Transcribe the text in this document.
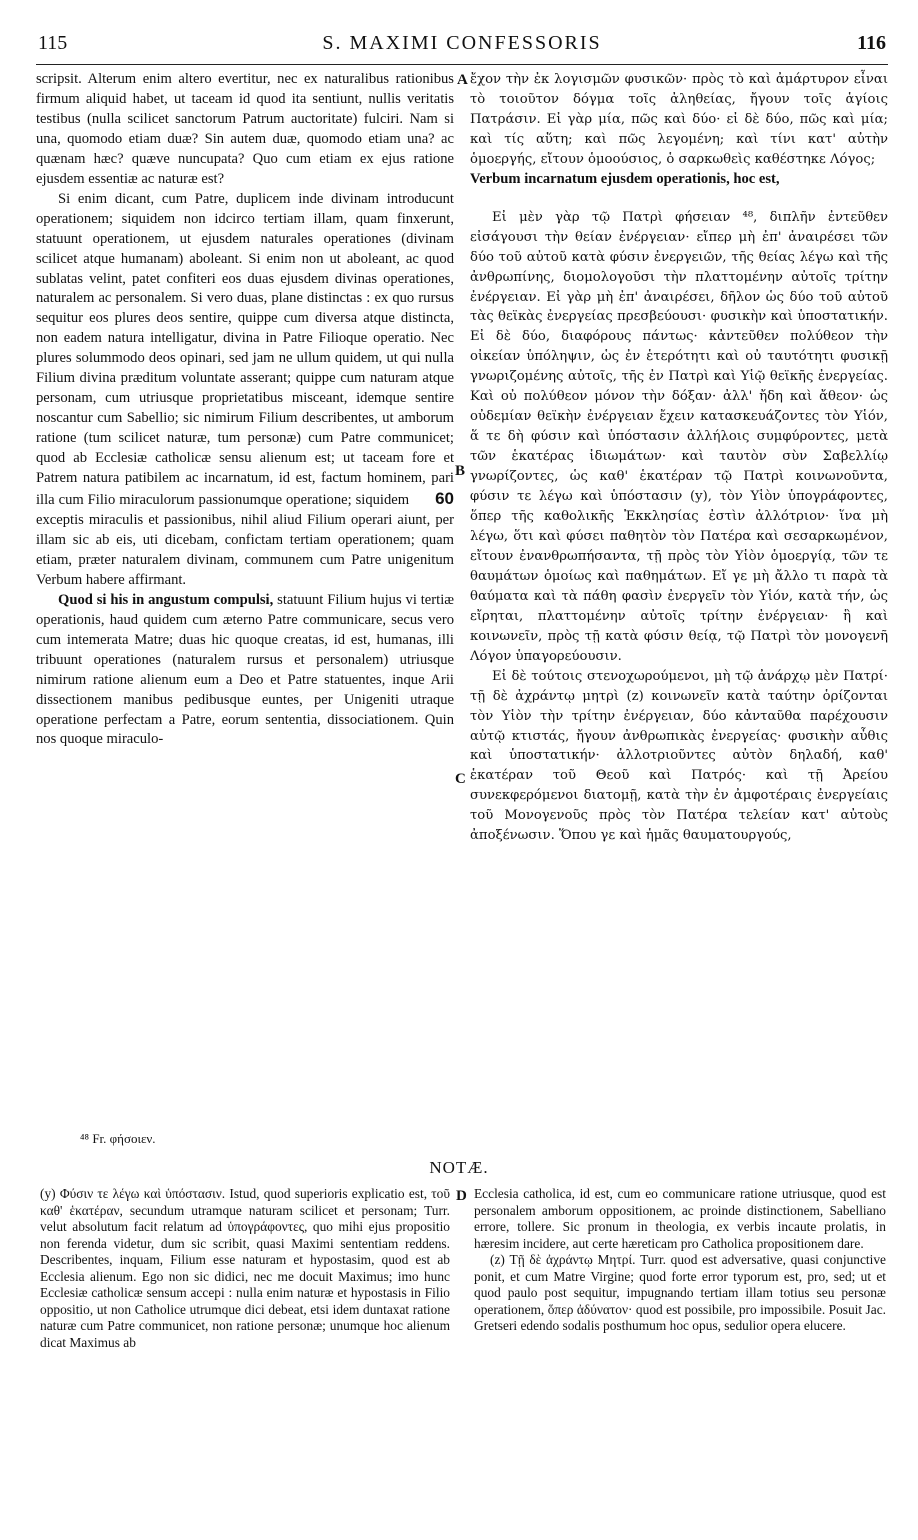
115	S. MAXIMI CONFESSORIS	116
A
B
C
D

scripsit. Alterum enim altero evertitur, nec ex naturalibus rationibus firmum aliquid habet, ut taceam id quod ita sentiunt, nullis veritatis testibus (nulla scilicet sanctorum Patrum auctoritate) fulciri. Nam si una, quomodo etiam duæ? Sin autem duæ, quomodo etiam una? ac quænam hæc? quæve nuncupata? Quo cum etiam ex ejus ratione ejusdem essentiæ ac naturæ est?

Si enim dicant, cum Patre, duplicem inde divinam introducunt operationem; siquidem non idcirco tertiam illam, quam finxerunt, statuunt operationem, ut ejusdem naturales operationes (divinam scilicet atque humanam) aboleant. Si enim non ut aboleant, ac quod sublatas velint, patet confiteri eos duas ejusdem divinas operationes, naturalem ac personalem. Si vero duas, plane distinctas : ex quo rursus sequitur eos plures deos sentire, quippe cum diversa atque distincta, non eadem natura intelligatur, divina in Patre Filioque operatio. Nec plures solummodo deos opinari, sed jam ne ullum quidem, ut qui nulla Filium divina præditum voluntate asserant; quippe cum naturam atque personam, cum utriusque proprietatibus misceant, idemque sentire noscantur cum Sabellio; sic nimirum Filium describentes, ut amborum ratione (tum scilicet naturæ, tum personæ) cum Patre communicet; quod ab Ecclesiæ catholicæ sensu alienum est; ut taceam fore et Patrem natura patibilem ac incarnatum, id est, factum hominem, pari illa cum Filio miraculorum passionumque operatione; siquidem 60 exceptis miraculis et passionibus, nihil aliud Filium operari aiunt, per illam sic ab eis, uti dicebam, confictam tertiam operationem; quam etiam, præter naturalem divinam, communem cum Patre unigenitum Verbum habere affirmant.

Quod si his in angustum compulsi, statuunt Filium hujus vi tertiæ operationis, haud quidem cum æterno Patre communicare, secus vero cum intemerata Matre; duas hic quoque creatas, id est, humanas, illi tribuunt operationes (naturalem rursus et personalem) utriusque nimirum ratione alienum eum a Deo et Patre statuentes, inque Arii dissectionem manibus pedibusque euntes, per Unigeniti utraque operatione perfectam a Patre, eorum sententia, dissociationem. Quin nos quoque miraculo-

ἔχον τὴν ἐκ λογισμῶν φυσικῶν· πρὸς τὸ καὶ ἀμάρτυρον εἶναι τὸ τοιοῦτον δόγμα τοῖς ἀληθείας, ἤγουν τοῖς ἁγίοις Πατράσιν. Εἰ γὰρ μία, πῶς καὶ δύο· εἰ δὲ δύο, πῶς καὶ μία; καὶ τίς αὕτη; καὶ πῶς λεγομένη; καὶ τίνι κατ' αὐτὴν ὁμοεργής, εἴτουν ὁμοούσιος, ὁ σαρκωθεὶς καθέστηκε Λόγος;

Verbum incarnatum ejusdem operationis, hoc est,

Εἰ μὲν γὰρ τῷ Πατρὶ φήσειαν ⁴⁸, διπλῆν ἐντεῦθεν εἰσάγουσι τὴν θείαν ἐνέργειαν· εἴπερ μὴ ἐπ' ἀναιρέσει τῶν δύο τοῦ αὐτοῦ κατὰ φύσιν ἐνεργειῶν, τῆς θείας λέγω καὶ τῆς ἀνθρωπίνης, διομολογοῦσι τὴν πλαττομένην αὐτοῖς τρίτην ἐνέργειαν. Εἰ γὰρ μὴ ἐπ' ἀναιρέσει, δῆλον ὡς δύο τοῦ αὐτοῦ τὰς θεϊκὰς ἐνεργείας πρεσβεύουσι· φυσικὴν καὶ ὑποστατικήν. Εἰ δὲ δύο, διαφόρους πάντως· κἀντεῦθεν πολύθεον τὴν οἰκείαν ὑπόληψιν, ὡς ἐν ἑτερότητι καὶ οὐ ταυτότητι φυσικῇ γνωριζομένης αὐτοῖς, τῆς ἐν Πατρὶ καὶ Υἱῷ θεϊκῆς ἐνεργείας. Καὶ οὐ πολύθεον μόνον τὴν δόξαν· ἀλλ' ἤδη καὶ ἄθεον· ὡς οὐδεμίαν θεϊκὴν ἐνέργειαν ἔχειν κατασκευάζοντες τὸν Υἱόν, ἅ τε δὴ φύσιν καὶ ὑπόστασιν ἀλλήλοις συμφύροντες, μετὰ τῶν ἑκατέρας ἰδιωμάτων· καὶ ταυτὸν σὺν Σαβελλίῳ γνωρίζοντες, ὡς καθ' ἑκατέραν τῷ Πατρὶ κοινωνοῦντα, φύσιν τε λέγω καὶ ὑπόστασιν (y), τὸν Υἱὸν ὑπογράφοντες, ὅπερ τῆς καθολικῆς Ἐκκλησίας ἐστὶν ἀλλότριον· ἵνα μὴ λέγω, ὅτι καὶ φύσει παθητὸν τὸν Πατέρα καὶ σεσαρκωμένον, εἴτουν ἐνανθρωπήσαντα, τῇ πρὸς τὸν Υἱὸν ὁμοεργίᾳ, τῶν τε θαυμάτων ὁμοίως καὶ παθημάτων. Εἴ γε μὴ ἄλλο τι παρὰ τὰ θαύματα καὶ τὰ πάθη φασὶν ἐνεργεῖν τὸν Υἱόν, κατὰ τήν, ὡς εἴρηται, πλαττομένην αὐτοῖς τρίτην ἐνέργειαν· ἣ καὶ κοινωνεῖν, πρὸς τῇ κατὰ φύσιν θείᾳ, τῷ Πατρὶ τὸν μονογενῆ Λόγον ὑπαγορεύουσιν.

Εἰ δὲ τούτοις στενοχωρούμενοι, μὴ τῷ ἀνάρχῳ μὲν Πατρί· τῇ δὲ ἀχράντῳ μητρὶ (z) κοινωνεῖν κατὰ ταύτην ὁρίζονται τὸν Υἱὸν τὴν τρίτην ἐνέργειαν, δύο κἀνταῦθα παρέχουσιν αὐτῷ κτιστάς, ἤγουν ἀνθρωπικὰς ἐνεργείας· φυσικὴν αὖθις καὶ ὑποστατικήν· ἀλλοτριοῦντες αὐτὸν δηλαδή, καθ' ἑκατέραν τοῦ Θεοῦ καὶ Πατρός· καὶ τῇ Ἀρείου συνεκφερόμενοι διατομῇ, κατὰ τὴν ἐν ἀμφοτέραις ἐνεργείαις τοῦ Μονογενοῦς πρὸς τὸν Πατέρα τελείαν κατ' αὐτοὺς ἀποξένωσιν. Ὅπου γε καὶ ἡμᾶς θαυματουργούς,

⁴⁸ Fr. φήσοιεν.
NOTÆ.

(y) Φύσιν τε λέγω καὶ ὑπόστασιν. Istud, quod superioris explicatio est, τοῦ καθ' ἑκατέραν, secundum utramque naturam scilicet et personam; Turr. velut absolutum facit relatum ad ὑπογράφοντες, quo mihi ejus propositio non ferenda videtur, dum sic scribit, quasi Maximi sententiam reddens. Describentes, inquam, Filium esse naturam et hypostasim, quod est ab Ecclesia alienum. Ego non sic didici, nec me docuit Maximus; imo hunc Ecclesiæ catholicæ sensum accepi : nulla enim naturæ et hypostasis in Filio oppositio, ut non Catholice utrumque dici debeat, etsi idem duntaxat ratione naturæ cum Patre communicet, non ratione personæ; unumque hoc alienum dicat Maximus ab

Ecclesia catholica, id est, cum eo communicare ratione utriusque, quod est personalem amborum oppositionem, ac proinde distinctionem, Sabelliano errore, tollere. Sic pronum in theologia, ex verbis incaute prolatis, in hæresim incidere, aut certe hæreticam pro Catholica propositionem dare.

(z) Τῇ δὲ ἀχράντῳ Μητρί. Turr. quod est adversative, quasi conjunctive ponit, et cum Matre Virgine; quod forte error typorum est, pro, sed; ut et quod paulo post sequitur, impugnando tertiam illam totius seu personæ operationem, ὅπερ ἀδύνατον· quod est possibile, pro impossibile. Posuit Jac. Gretseri edendo sodalis posthumum hoc opus, sedulior opera elucere.
